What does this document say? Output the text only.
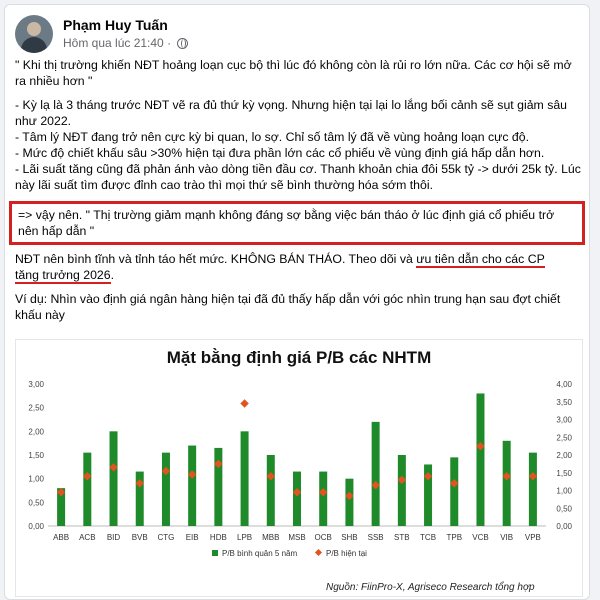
Phạm Huy Tuấn
Hôm qua lúc 21:40 ·
" Khi thị trường khiến NĐT hoảng loạn cục bộ thì lúc đó không còn là rủi ro lớn nữa. Các cơ hội sẽ mở ra nhiều hơn "
- Kỳ lạ là 3 tháng trước NĐT vẽ ra đủ thứ kỳ vọng. Nhưng hiện tại lại lo lắng bối cảnh sẽ sụt giảm sâu như 2022.
- Tâm lý NĐT đang trở nên cực kỳ bi quan, lo sợ. Chỉ số tâm lý đã về vùng hoảng loạn cực độ.
- Mức độ chiết khấu sâu >30% hiện tại đưa phần lớn các cổ phiếu về vùng định giá hấp dẫn hơn.
- Lãi suất tăng cũng đã phản ánh vào dòng tiền đầu cơ. Thanh khoản chia đôi 55k tỷ -> dưới 25k tỷ. Lúc này lãi suất tìm được đỉnh cao trào thì mọi thứ sẽ bình thường hóa sớm thôi.
=> vậy nên. " Thị trường giảm mạnh không đáng sợ bằng việc bán tháo ở lúc định giá cổ phiếu trở nên hấp dẫn "
NĐT nên bình tĩnh và tỉnh táo hết mức. KHÔNG BÁN THÁO. Theo dõi và ưu tiên dẫn cho các CP
tăng trưởng 2026.
Ví dụ: Nhìn vào định giá ngân hàng hiện tại đã đủ thấy hấp dẫn với góc nhìn trung hạn sau đợt chiết khấu này
Mặt bằng định giá P/B các NHTM
0,00
0,50
1,00
1,50
2,00
2,50
3,00
0,00
0,50
1,00
1,50
2,00
2,50
3,00
3,50
4,00
ABB ACB BID BVB CTG EIB HDB LPB MBB MSB OCB SHB SSB STB TCB TPB VCB VIB VPB
P/B bình quân 5 năm	P/B hiện tại
Nguồn: FiinPro-X, Agriseco Research tổng hợp
